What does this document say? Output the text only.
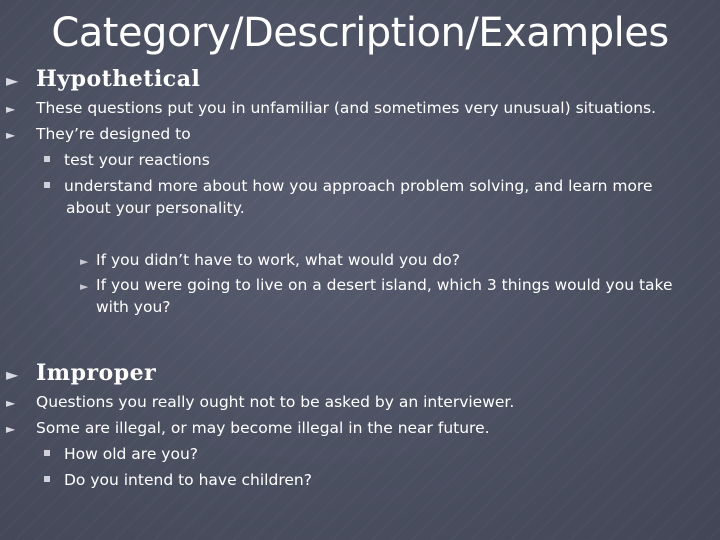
Category/Description/Examples
► Hypothetical
►	These questions put you in unfamiliar (and sometimes very unusual) situations.
►	They’re designed to
test your reactions
understand more about how you approach problem solving, and learn more
about your personality.
► If you didn’t have to work, what would you do?
► If you were going to live on a desert island, which 3 things would you take
with you?
► Improper
►	Questions you really ought not to be asked by an interviewer.
►	Some are illegal, or may become illegal in the near future.
How old are you?
Do you intend to have children?
